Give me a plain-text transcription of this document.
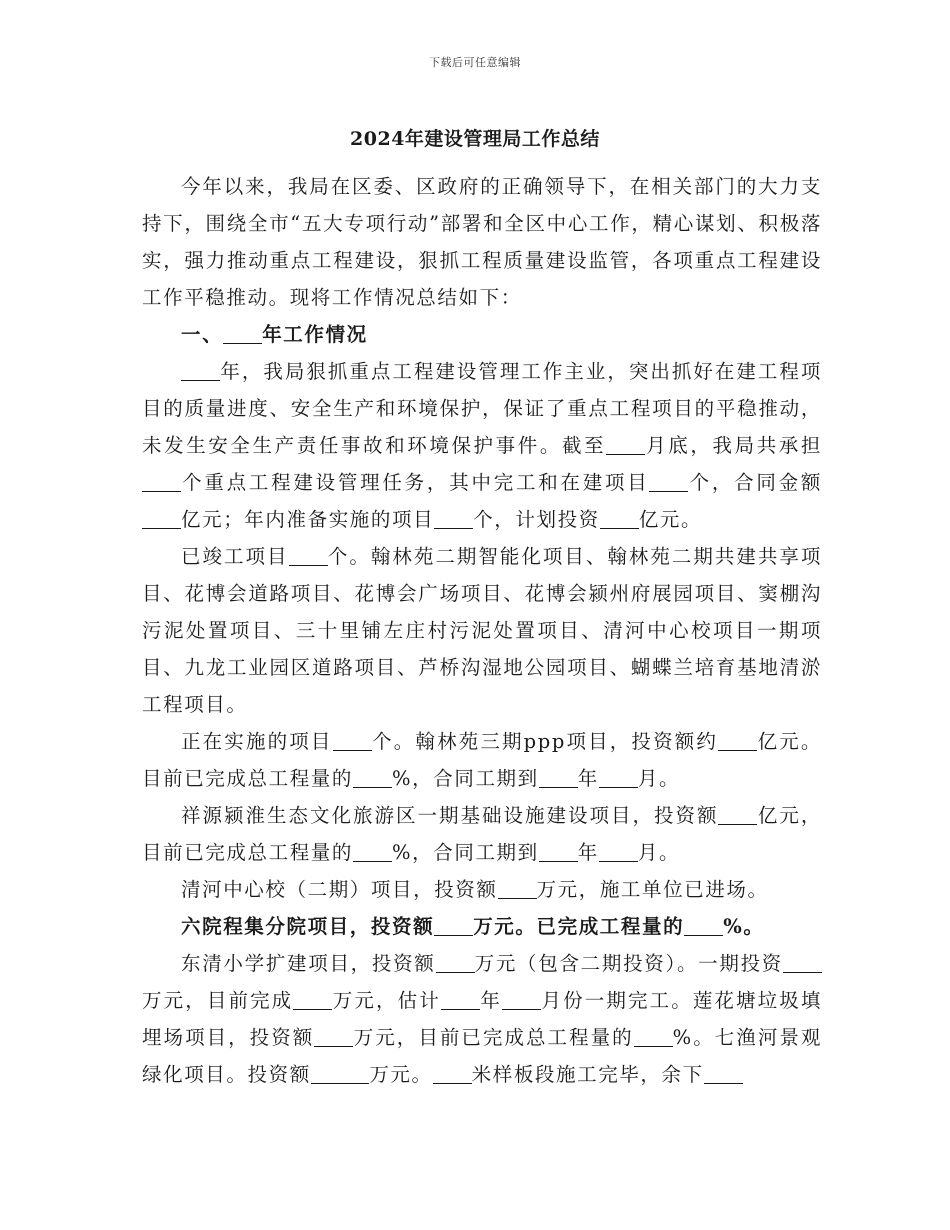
下载后可任意编辑
2024年建设管理局工作总结

今年以来，我局在区委、区政府的正确领导下，在相关部门的大力支持下，围绕全市“五大专项行动”部署和全区中心工作，精心谋划、积极落实，强力推动重点工程建设，狠抓工程质量建设监管，各项重点工程建设工作平稳推动。现将工作情况总结如下：

一、 年工作情况

年，我局狠抓重点工程建设管理工作主业，突出抓好在建工程项目的质量进度、安全生产和环境保护，保证了重点工程项目的平稳推动，未发生安全生产责任事故和环境保护事件。截至 月底，我局共承担个重点工程建设管理任务，其中完工和在建项目 个，合同金额亿元；年内准备实施的项目 个，计划投资 亿元。

已竣工项目 个。翰林苑二期智能化项目、翰林苑二期共建共享项目、花博会道路项目、花博会广场项目、花博会颍州府展园项目、窦棚沟污泥处置项目、三十里铺左庄村污泥处置项目、清河中心校项目一期项目、九龙工业园区道路项目、芦桥沟湿地公园项目、蝴蝶兰培育基地清淤工程项目。

正在实施的项目 个。翰林苑三期ppp项目，投资额约 亿元。目前已完成总工程量的 %，合同工期到 年 月。

祥源颍淮生态文化旅游区一期基础设施建设项目，投资额 亿元，目前已完成总工程量的 %，合同工期到 年 月。

清河中心校（二期）项目，投资额 万元，施工单位已进场。

六院程集分院项目，投资额 万元。已完成工程量的 %。

东清小学扩建项目，投资额 万元（包含二期投资）。一期投资万元，目前完成 万元，估计 年 月份一期完工。莲花塘垃圾填埋场项目，投资额 万元，目前已完成总工程量的 %。七渔河景观绿化项目。投资额	万元。 米样板段施工完毕，余下
